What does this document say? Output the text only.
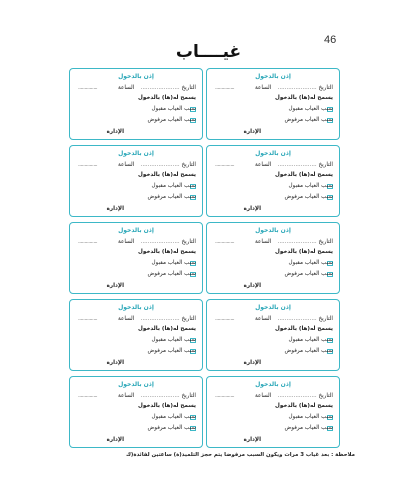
46
غيــــاب
إذن بالدخول
التاريخ ......................
الساعة
...............
يسمح له(ها) بالدخول
سبب الغياب مقبول
سبب الغياب مرفوض
الإدارة
إذن بالدخول
التاريخ ......................
الساعة
...............
يسمح له(ها) بالدخول
سبب الغياب مقبول
سبب الغياب مرفوض
الإدارة
إذن بالدخول
التاريخ ......................
الساعة
...............
يسمح له(ها) بالدخول
سبب الغياب مقبول
سبب الغياب مرفوض
الإدارة
إذن بالدخول
التاريخ ......................
الساعة
...............
يسمح له(ها) بالدخول
سبب الغياب مقبول
سبب الغياب مرفوض
الإدارة
إذن بالدخول
التاريخ ......................
الساعة
...............
يسمح له(ها) بالدخول
سبب الغياب مقبول
سبب الغياب مرفوض
الإدارة
إذن بالدخول
التاريخ ......................
الساعة
...............
يسمح له(ها) بالدخول
سبب الغياب مقبول
سبب الغياب مرفوض
الإدارة
إذن بالدخول
التاريخ ......................
الساعة
...............
يسمح له(ها) بالدخول
سبب الغياب مقبول
سبب الغياب مرفوض
الإدارة
إذن بالدخول
التاريخ ......................
الساعة
...............
يسمح له(ها) بالدخول
سبب الغياب مقبول
سبب الغياب مرفوض
الإدارة
إذن بالدخول
التاريخ ......................
الساعة
...............
يسمح له(ها) بالدخول
سبب الغياب مقبول
سبب الغياب مرفوض
الإدارة
إذن بالدخول
التاريخ ......................
الساعة
...............
يسمح له(ها) بالدخول
سبب الغياب مقبول
سبب الغياب مرفوض
الإدارة
ملاحظة : بعد غياب 3 مرات ويكون السبب مرفوضا يتم حجز التلميذ(ة) ساعتين لفائدة(ك
